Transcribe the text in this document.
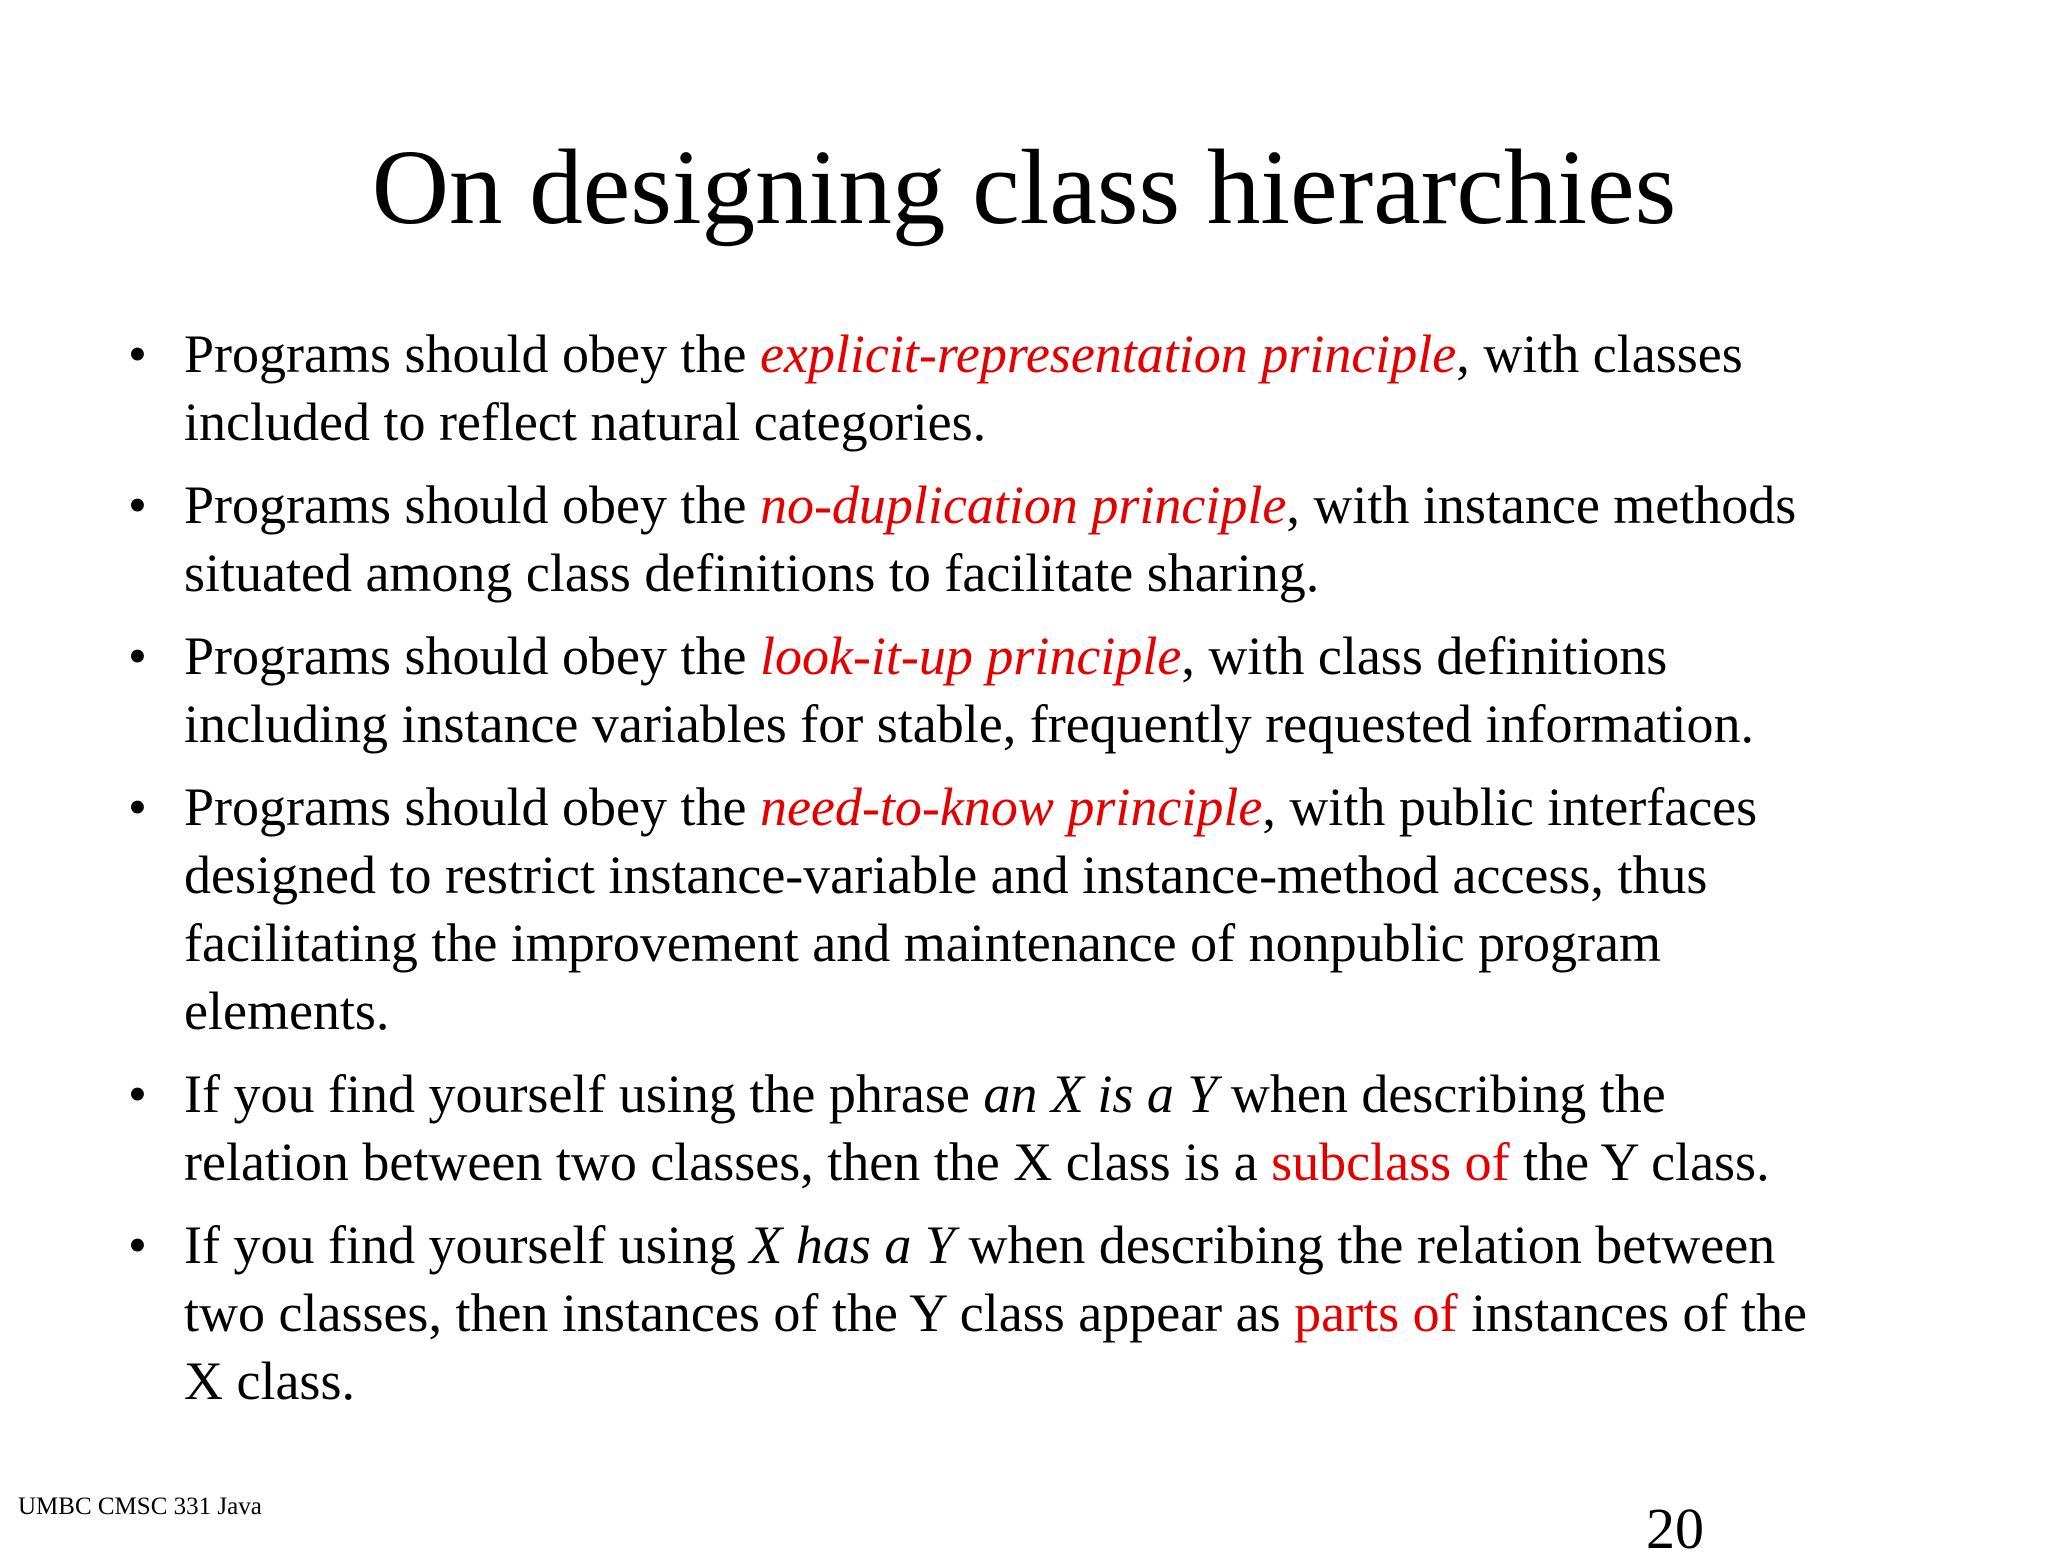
On designing class hierarchies
• Programs should obey the explicit-representation principle, with classes
included to reflect natural categories.
• Programs should obey the no-duplication principle, with instance methods
situated among class definitions to facilitate sharing.
• Programs should obey the look-it-up principle, with class definitions
including instance variables for stable, frequently requested information.
• Programs should obey the need-to-know principle, with public interfaces
designed to restrict instance-variable and instance-method access, thus
facilitating the improvement and maintenance of nonpublic program
elements.
• If you find yourself using the phrase an X is a Y when describing the
relation between two classes, then the X class is a subclass of the Y class.
• If you find yourself using X has a Y when describing the relation between
two classes, then instances of the Y class appear as parts of instances of the
X class.
UMBC CMSC 331 Java	20
